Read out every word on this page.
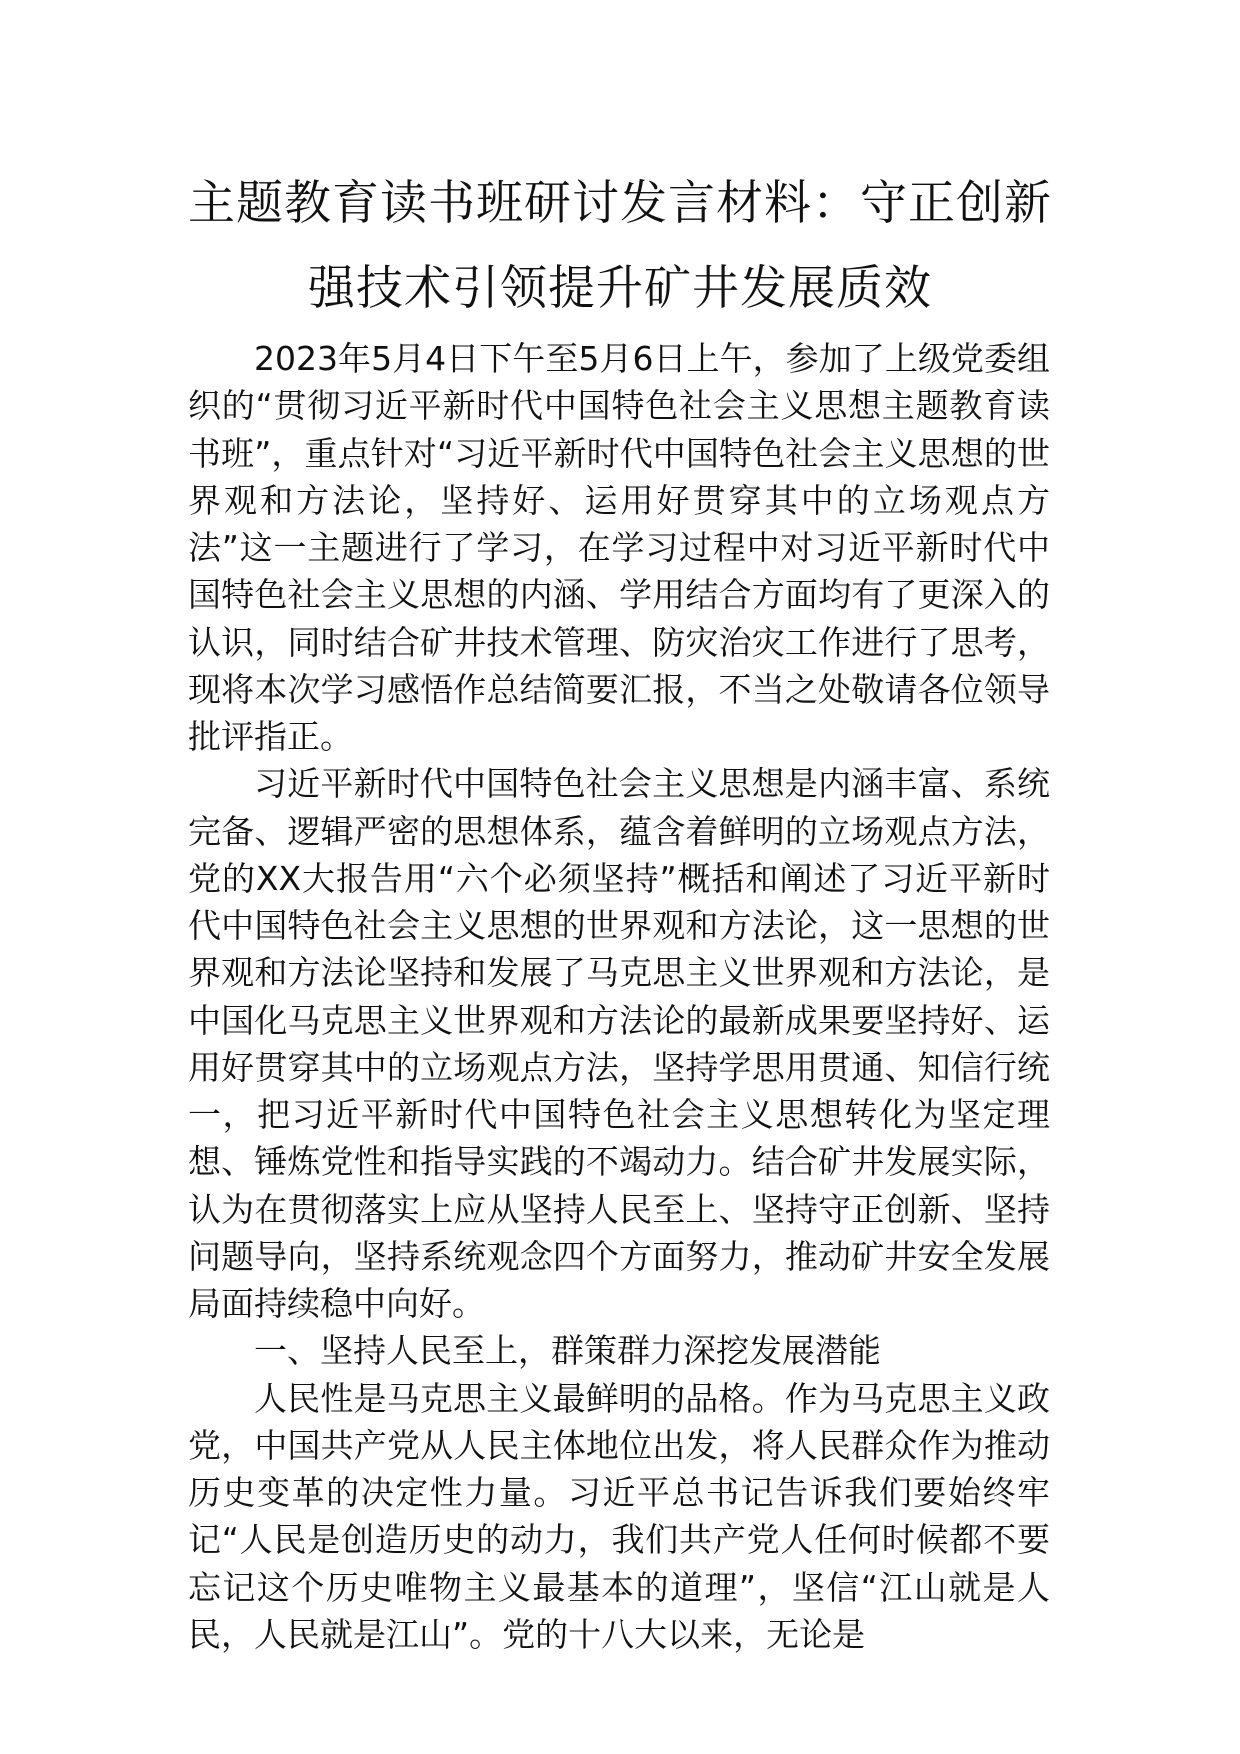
主题教育读书班研讨发言材料：守正创新
强技术引领提升矿井发展质效

2023年5月4日下午至5月6日上午，参加了上级党委组织的“贯彻习近平新时代中国特色社会主义思想主题教育读书班”，重点针对“习近平新时代中国特色社会主义思想的世界观和方法论，坚持好、运用好贯穿其中的立场观点方法”这一主题进行了学习，在学习过程中对习近平新时代中国特色社会主义思想的内涵、学用结合方面均有了更深入的认识，同时结合矿井技术管理、防灾治灾工作进行了思考，现将本次学习感悟作总结简要汇报，不当之处敬请各位领导批评指正。

习近平新时代中国特色社会主义思想是内涵丰富、系统完备、逻辑严密的思想体系，蕴含着鲜明的立场观点方法，党的XX大报告用“六个必须坚持”概括和阐述了习近平新时代中国特色社会主义思想的世界观和方法论，这一思想的世界观和方法论坚持和发展了马克思主义世界观和方法论，是中国化马克思主义世界观和方法论的最新成果要坚持好、运用好贯穿其中的立场观点方法，坚持学思用贯通、知信行统一，把习近平新时代中国特色社会主义思想转化为坚定理想、锤炼党性和指导实践的不竭动力。结合矿井发展实际，认为在贯彻落实上应从坚持人民至上、坚持守正创新、坚持问题导向，坚持系统观念四个方面努力，推动矿井安全发展局面持续稳中向好。

一、坚持人民至上，群策群力深挖发展潜能

人民性是马克思主义最鲜明的品格。作为马克思主义政党，中国共产党从人民主体地位出发，将人民群众作为推动历史变革的决定性力量。习近平总书记告诉我们要始终牢记“人民是创造历史的动力，我们共产党人任何时候都不要忘记这个历史唯物主义最基本的道理”，坚信“江山就是人民，人民就是江山”。党的十八大以来，无论是
